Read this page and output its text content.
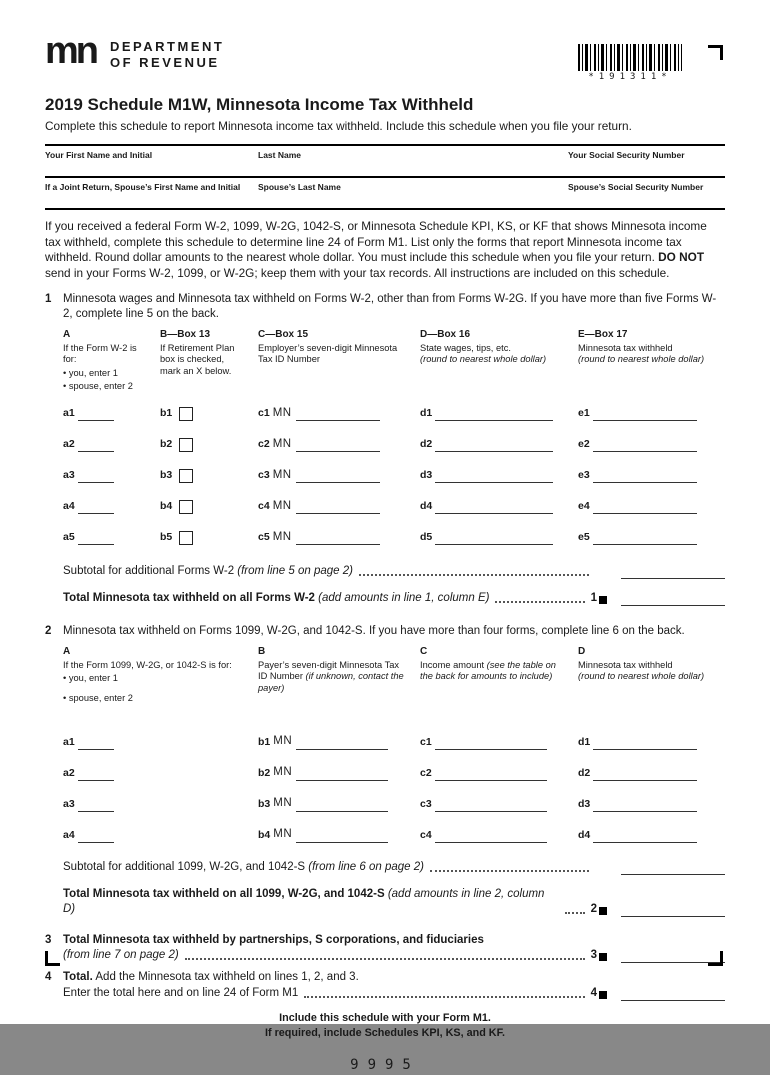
mn DEPARTMENT
OF REVENUE
*191311*
2019 Schedule M1W, Minnesota Income Tax Withheld
Complete this schedule to report Minnesota income tax withheld. Include this schedule when you file your return.
Your First Name and Initial	Last Name	Your Social Security Number
If a Joint Return, Spouse’s First Name and Initial	Spouse’s Last Name	Spouse’s Social Security Number
If you received a federal Form W-2, 1099, W-2G, 1042-S, or Minnesota Schedule KPI, KS, or KF that shows Minnesota income tax withheld, complete this schedule to determine line 24 of Form M1. List only the forms that report Minnesota income tax withheld. Round dollar amounts to the nearest whole dollar. You must include this schedule when you file your return. DO NOT send in your Forms W-2, 1099, or W-2G; keep them with your tax records. All instructions are included on this schedule.
1	Minnesota wages and Minnesota tax withheld on Forms W-2, other than from Forms W-2G. If you have more than five Forms W-2, complete line 5 on the back.
A	B—Box 13	C—Box 15	D—Box 16	E—Box 17
If the Form W-2 is for:
• you, enter 1
• spouse, enter 2
If Retirement Plan box is checked, mark an X below.
Employer’s seven-digit Minnesota Tax ID Number
State wages, tips, etc.
(round to nearest whole dollar)
Minnesota tax withheld
(round to nearest whole dollar)
a1	b1	c1 MN	d1	e1
a2	b2	c2 MN	d2	e2
a3	b3	c3 MN	d3	e3
a4	b4	c4 MN	d4	e4
a5	b5	c5 MN	d5	e5
Subtotal for additional Forms W-2 (from line 5 on page 2)
Total Minnesota tax withheld on all Forms W-2 (add amounts in line 1, column E)	1
2	Minnesota tax withheld on Forms 1099, W-2G, and 1042-S. If you have more than four forms, complete line 6 on the back.
A	B	C	D
If the Form 1099, W-2G, or 1042-S is for:
• you, enter 1
• spouse, enter 2
Payer’s seven-digit Minnesota Tax ID Number (if unknown, contact the payer)
Income amount (see the table on the back for amounts to include)
Minnesota tax withheld
(round to nearest whole dollar)
a1	b1 MN	c1	d1
a2	b2 MN	c2	d2
a3	b3 MN	c3	d3
a4	b4 MN	c4	d4
Subtotal for additional 1099, W-2G, and 1042-S (from line 6 on page 2)
Total Minnesota tax withheld on all 1099, W-2G, and 1042-S (add amounts in line 2, column D)	2
3	Total Minnesota tax withheld by partnerships, S corporations, and fiduciaries
(from line 7 on page 2)	3
4	Total. Add the Minnesota tax withheld on lines 1, 2, and 3.
Enter the total here and on line 24 of Form M1	4
Include this schedule with your Form M1.
If required, include Schedules KPI, KS, and KF.
9995
